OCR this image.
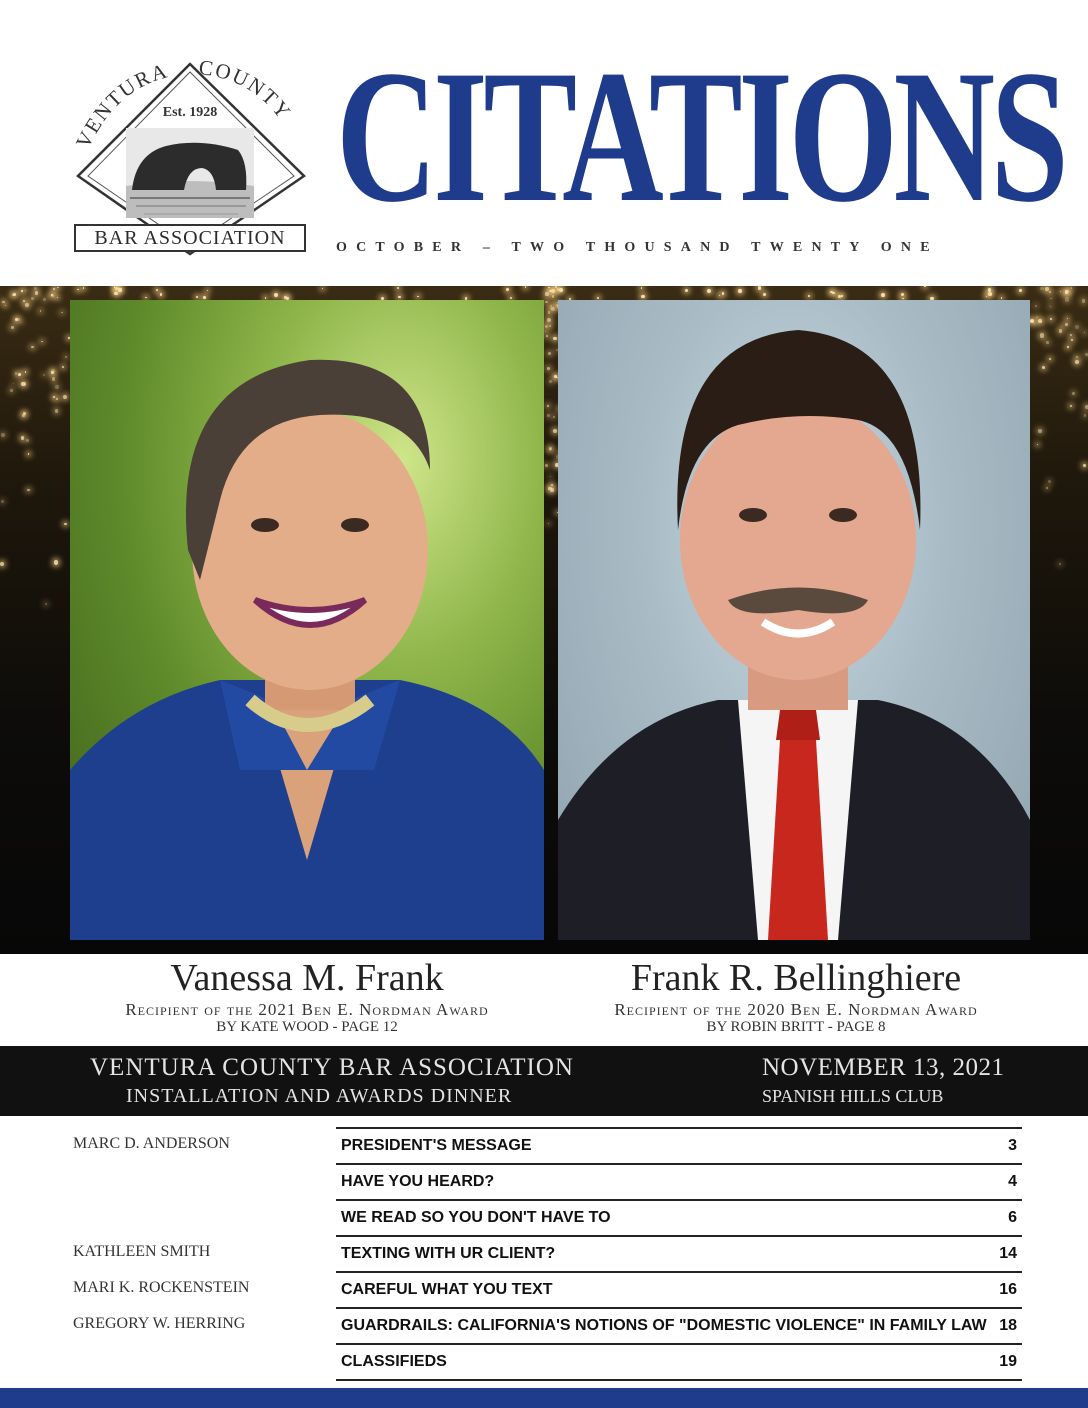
VENTURA COUNTY
Est. 1928
BAR ASSOCIATION CITATIONS
OCTOBER – TWO THOUSAND TWENTY ONE
Vanessa M. Frank
Recipient of the 2021 Ben E. Nordman Award
BY KATE WOOD - PAGE 12
Frank R. Bellinghiere
Recipient of the 2020 Ben E. Nordman Award
BY ROBIN BRITT - PAGE 8
VENTURA COUNTY BAR ASSOCIATION
INSTALLATION AND AWARDS DINNER
NOVEMBER 13, 2021
SPANISH HILLS CLUB
MARC D. ANDERSON	PRESIDENT'S MESSAGE	3
HAVE YOU HEARD?	4
WE READ SO YOU DON'T HAVE TO	6
KATHLEEN SMITH	TEXTING WITH UR CLIENT?	14
MARI K. ROCKENSTEIN	CAREFUL WHAT YOU TEXT	16
GREGORY W. HERRING	GUARDRAILS: CALIFORNIA'S NOTIONS OF "DOMESTIC VIOLENCE" IN FAMILY LAW 18
CLASSIFIEDS	19
